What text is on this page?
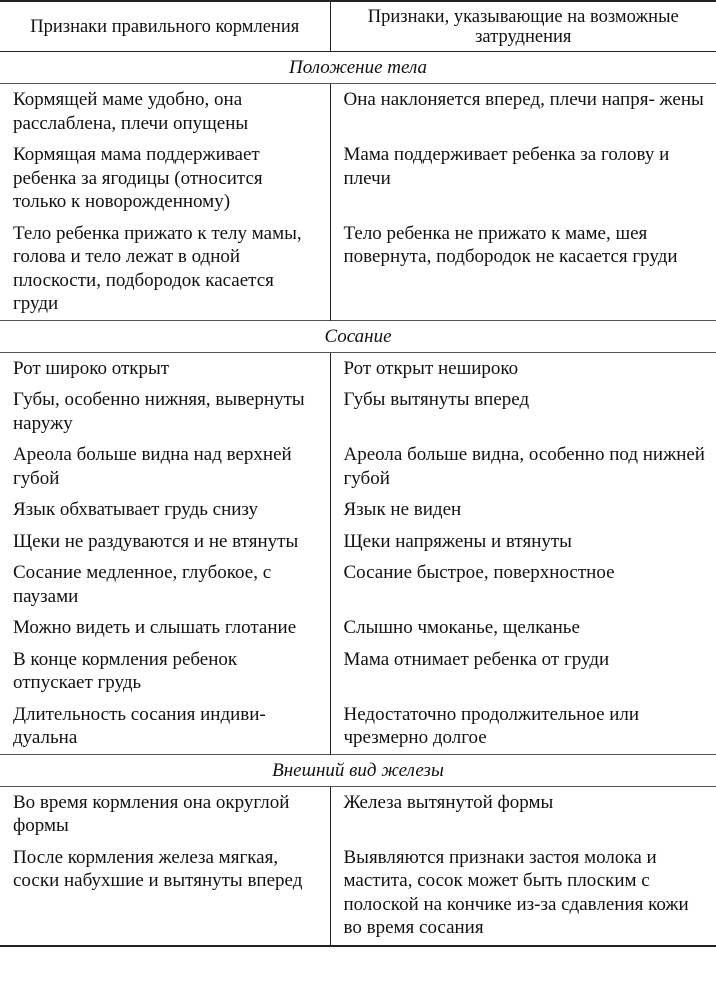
Признаки правильного кормления	Признаки, указывающие на возможные затруднения
Положение тела	
Кормящей маме удобно, она расслаблена, плечи опущены	Она наклоняется вперед, плечи напря- жены
Кормящая мама поддерживает ребенка за ягодицы (относится только к новорожденному)	Мама поддерживает ребенка за голову и плечи
Тело ребенка прижато к телу мамы, голова и тело лежат в одной плоскости, подбородок касается груди	Тело ребенка не прижато к маме, шея повернута, подбородок не касается груди
Сосание	
Рот широко открыт	Рот открыт нешироко
Губы, особенно нижняя, вывернуты наружу	Губы вытянуты вперед
Ареола больше видна над верхней губой	Ареола больше видна, особенно под нижней губой
Язык обхватывает грудь снизу	Язык не виден
Щеки не раздуваются и не втянуты	Щеки напряжены и втянуты
Сосание медленное, глубокое, с паузами	Сосание быстрое, поверхностное
Можно видеть и слышать глотание	Слышно чмоканье, щелканье
В конце кормления ребенок отпускает грудь	Мама отнимает ребенка от груди
Длительность сосания индиви- дуальна	Недостаточно продолжительное или чрезмерно долгое
Внешний вид железы	
Во время кормления она округлой формы	Железа вытянутой формы
После кормления железа мягкая, соски набухшие и вытянуты вперед	Выявляются признаки застоя молока и мастита, сосок может быть плоским с полоской на кончике из-за сдавления кожи во время сосания
